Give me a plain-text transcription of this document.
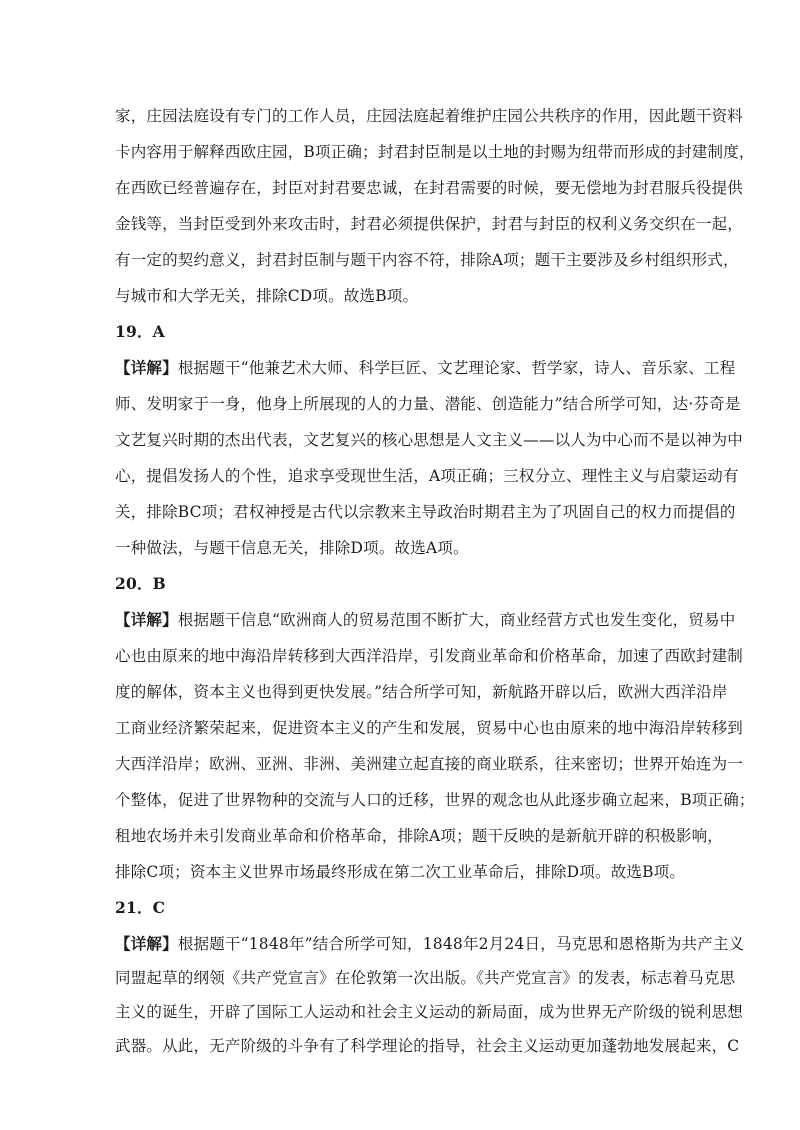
家，庄园法庭设有专门的工作人员，庄园法庭起着维护庄园公共秩序的作用，因此题干资料
卡内容用于解释西欧庄园，B项正确；封君封臣制是以土地的封赐为纽带而形成的封建制度，
在西欧已经普遍存在，封臣对封君要忠诚，在封君需要的时候，要无偿地为封君服兵役提供
金钱等，当封臣受到外来攻击时，封君必须提供保护，封君与封臣的权利义务交织在一起，
有一定的契约意义，封君封臣制与题干内容不符，排除A项；题干主要涉及乡村组织形式，
与城市和大学无关，排除CD项。故选B项。
19．A
【详解】根据题干“他兼艺术大师、科学巨匠、文艺理论家、哲学家，诗人、音乐家、工程
师、发明家于一身，他身上所展现的人的力量、潜能、创造能力”结合所学可知，达·芬奇是
文艺复兴时期的杰出代表，文艺复兴的核心思想是人文主义——以人为中心而不是以神为中
心，提倡发扬人的个性，追求享受现世生活，A项正确；三权分立、理性主义与启蒙运动有
关，排除BC项；君权神授是古代以宗教来主导政治时期君主为了巩固自己的权力而提倡的
一种做法，与题干信息无关，排除D项。故选A项。
20．B
【详解】根据题干信息“欧洲商人的贸易范围不断扩大，商业经营方式也发生变化，贸易中
心也由原来的地中海沿岸转移到大西洋沿岸，引发商业革命和价格革命，加速了西欧封建制
度的解体，资本主义也得到更快发展。”结合所学可知，新航路开辟以后，欧洲大西洋沿岸
工商业经济繁荣起来，促进资本主义的产生和发展，贸易中心也由原来的地中海沿岸转移到
大西洋沿岸；欧洲、亚洲、非洲、美洲建立起直接的商业联系，往来密切；世界开始连为一
个整体，促进了世界物种的交流与人口的迁移，世界的观念也从此逐步确立起来，B项正确；
租地农场并未引发商业革命和价格革命，排除A项；题干反映的是新航开辟的积极影响，
排除C项；资本主义世界市场最终形成在第二次工业革命后，排除D项。故选B项。
21．C
【详解】根据题干“1848年”结合所学可知，1848年2月24日，马克思和恩格斯为共产主义
同盟起草的纲领《共产党宣言》在伦敦第一次出版。《共产党宣言》的发表，标志着马克思
主义的诞生，开辟了国际工人运动和社会主义运动的新局面，成为世界无产阶级的锐利思想
武器。从此，无产阶级的斗争有了科学理论的指导，社会主义运动更加蓬勃地发展起来，C
